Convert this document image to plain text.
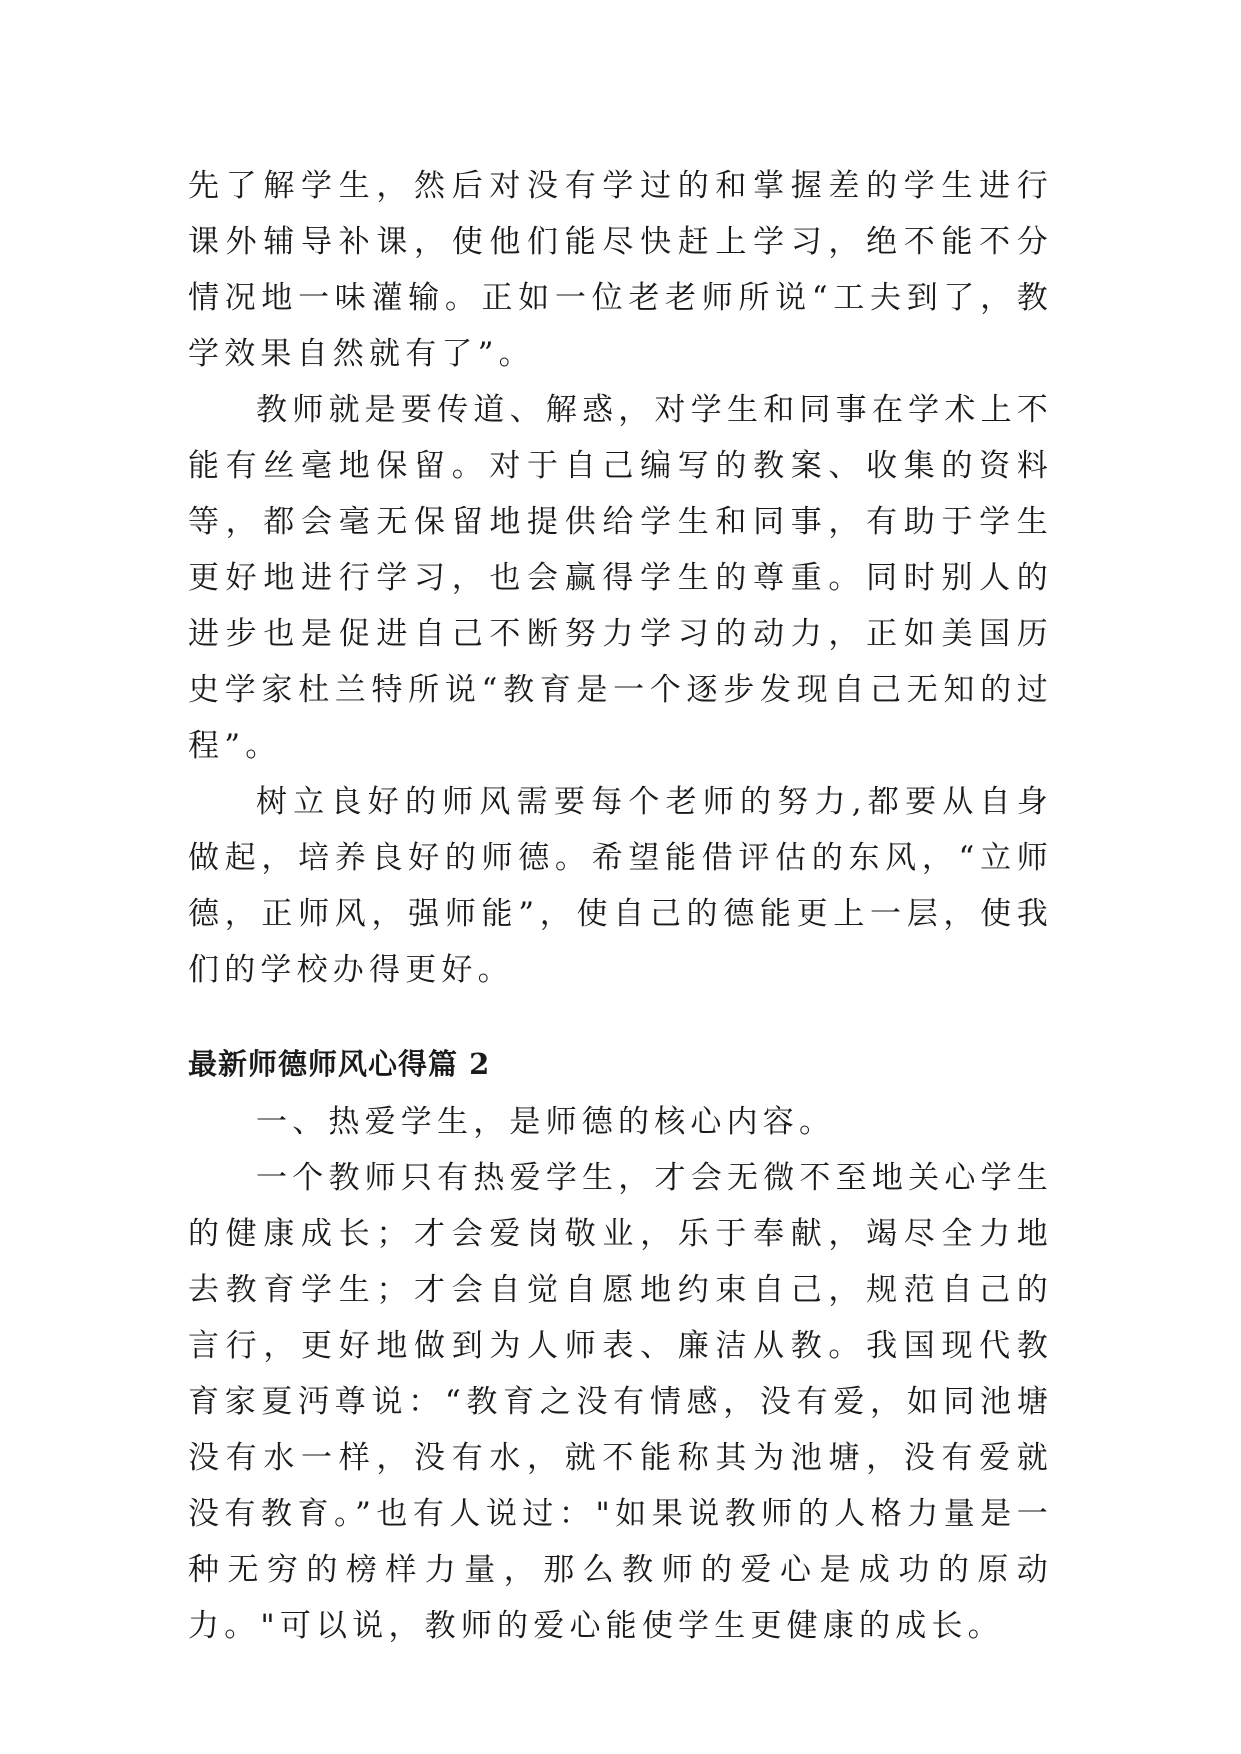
先了解学生，然后对没有学过的和掌握差的学生进行课外辅导补课，使他们能尽快赶上学习，绝不能不分情况地一味灌输。正如一位老老师所说“工夫到了，教学效果自然就有了”。

教师就是要传道、解惑，对学生和同事在学术上不能有丝毫地保留。对于自己编写的教案、收集的资料等，都会毫无保留地提供给学生和同事，有助于学生更好地进行学习，也会赢得学生的尊重。同时别人的进步也是促进自己不断努力学习的动力，正如美国历史学家杜兰特所说“教育是一个逐步发现自己无知的过程”。

树立良好的师风需要每个老师的努力,都要从自身做起，培养良好的师德。希望能借评估的东风，“立师德，正师风，强师能”，使自己的德能更上一层，使我们的学校办得更好。

最新师德师风心得篇 2

一、热爱学生，是师德的核心内容。

一个教师只有热爱学生，才会无微不至地关心学生的健康成长；才会爱岗敬业，乐于奉献，竭尽全力地去教育学生；才会自觉自愿地约束自己，规范自己的言行，更好地做到为人师表、廉洁从教。我国现代教育家夏沔尊说：“教育之没有情感，没有爱，如同池塘没有水一样，没有水，就不能称其为池塘，没有爱就没有教育。”也有人说过："如果说教师的人格力量是一种无穷的榜样力量，那么教师的爱心是成功的原动力。"可以说，教师的爱心能使学生更健康的成长。
